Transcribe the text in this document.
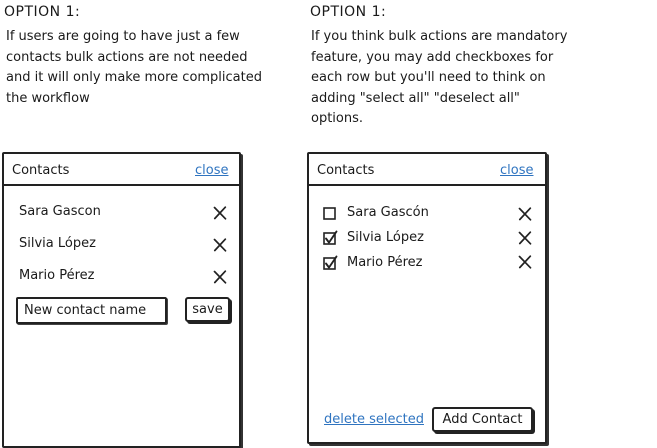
OPTION 1:
If users are going to have just a few
contacts bulk actions are not needed
and it will only make more complicated
the workflow
Contacts	close
Sara Gascon
Silvia López
Mario Pérez
New contact name	save
OPTION 1:
If you think bulk actions are mandatory
feature, you may add checkboxes for
each row but you'll need to think on
adding "select all" "deselect all"
options.
Contacts	close
Sara Gascón
Silvia López
Mario Pérez
delete selected	Add Contact
